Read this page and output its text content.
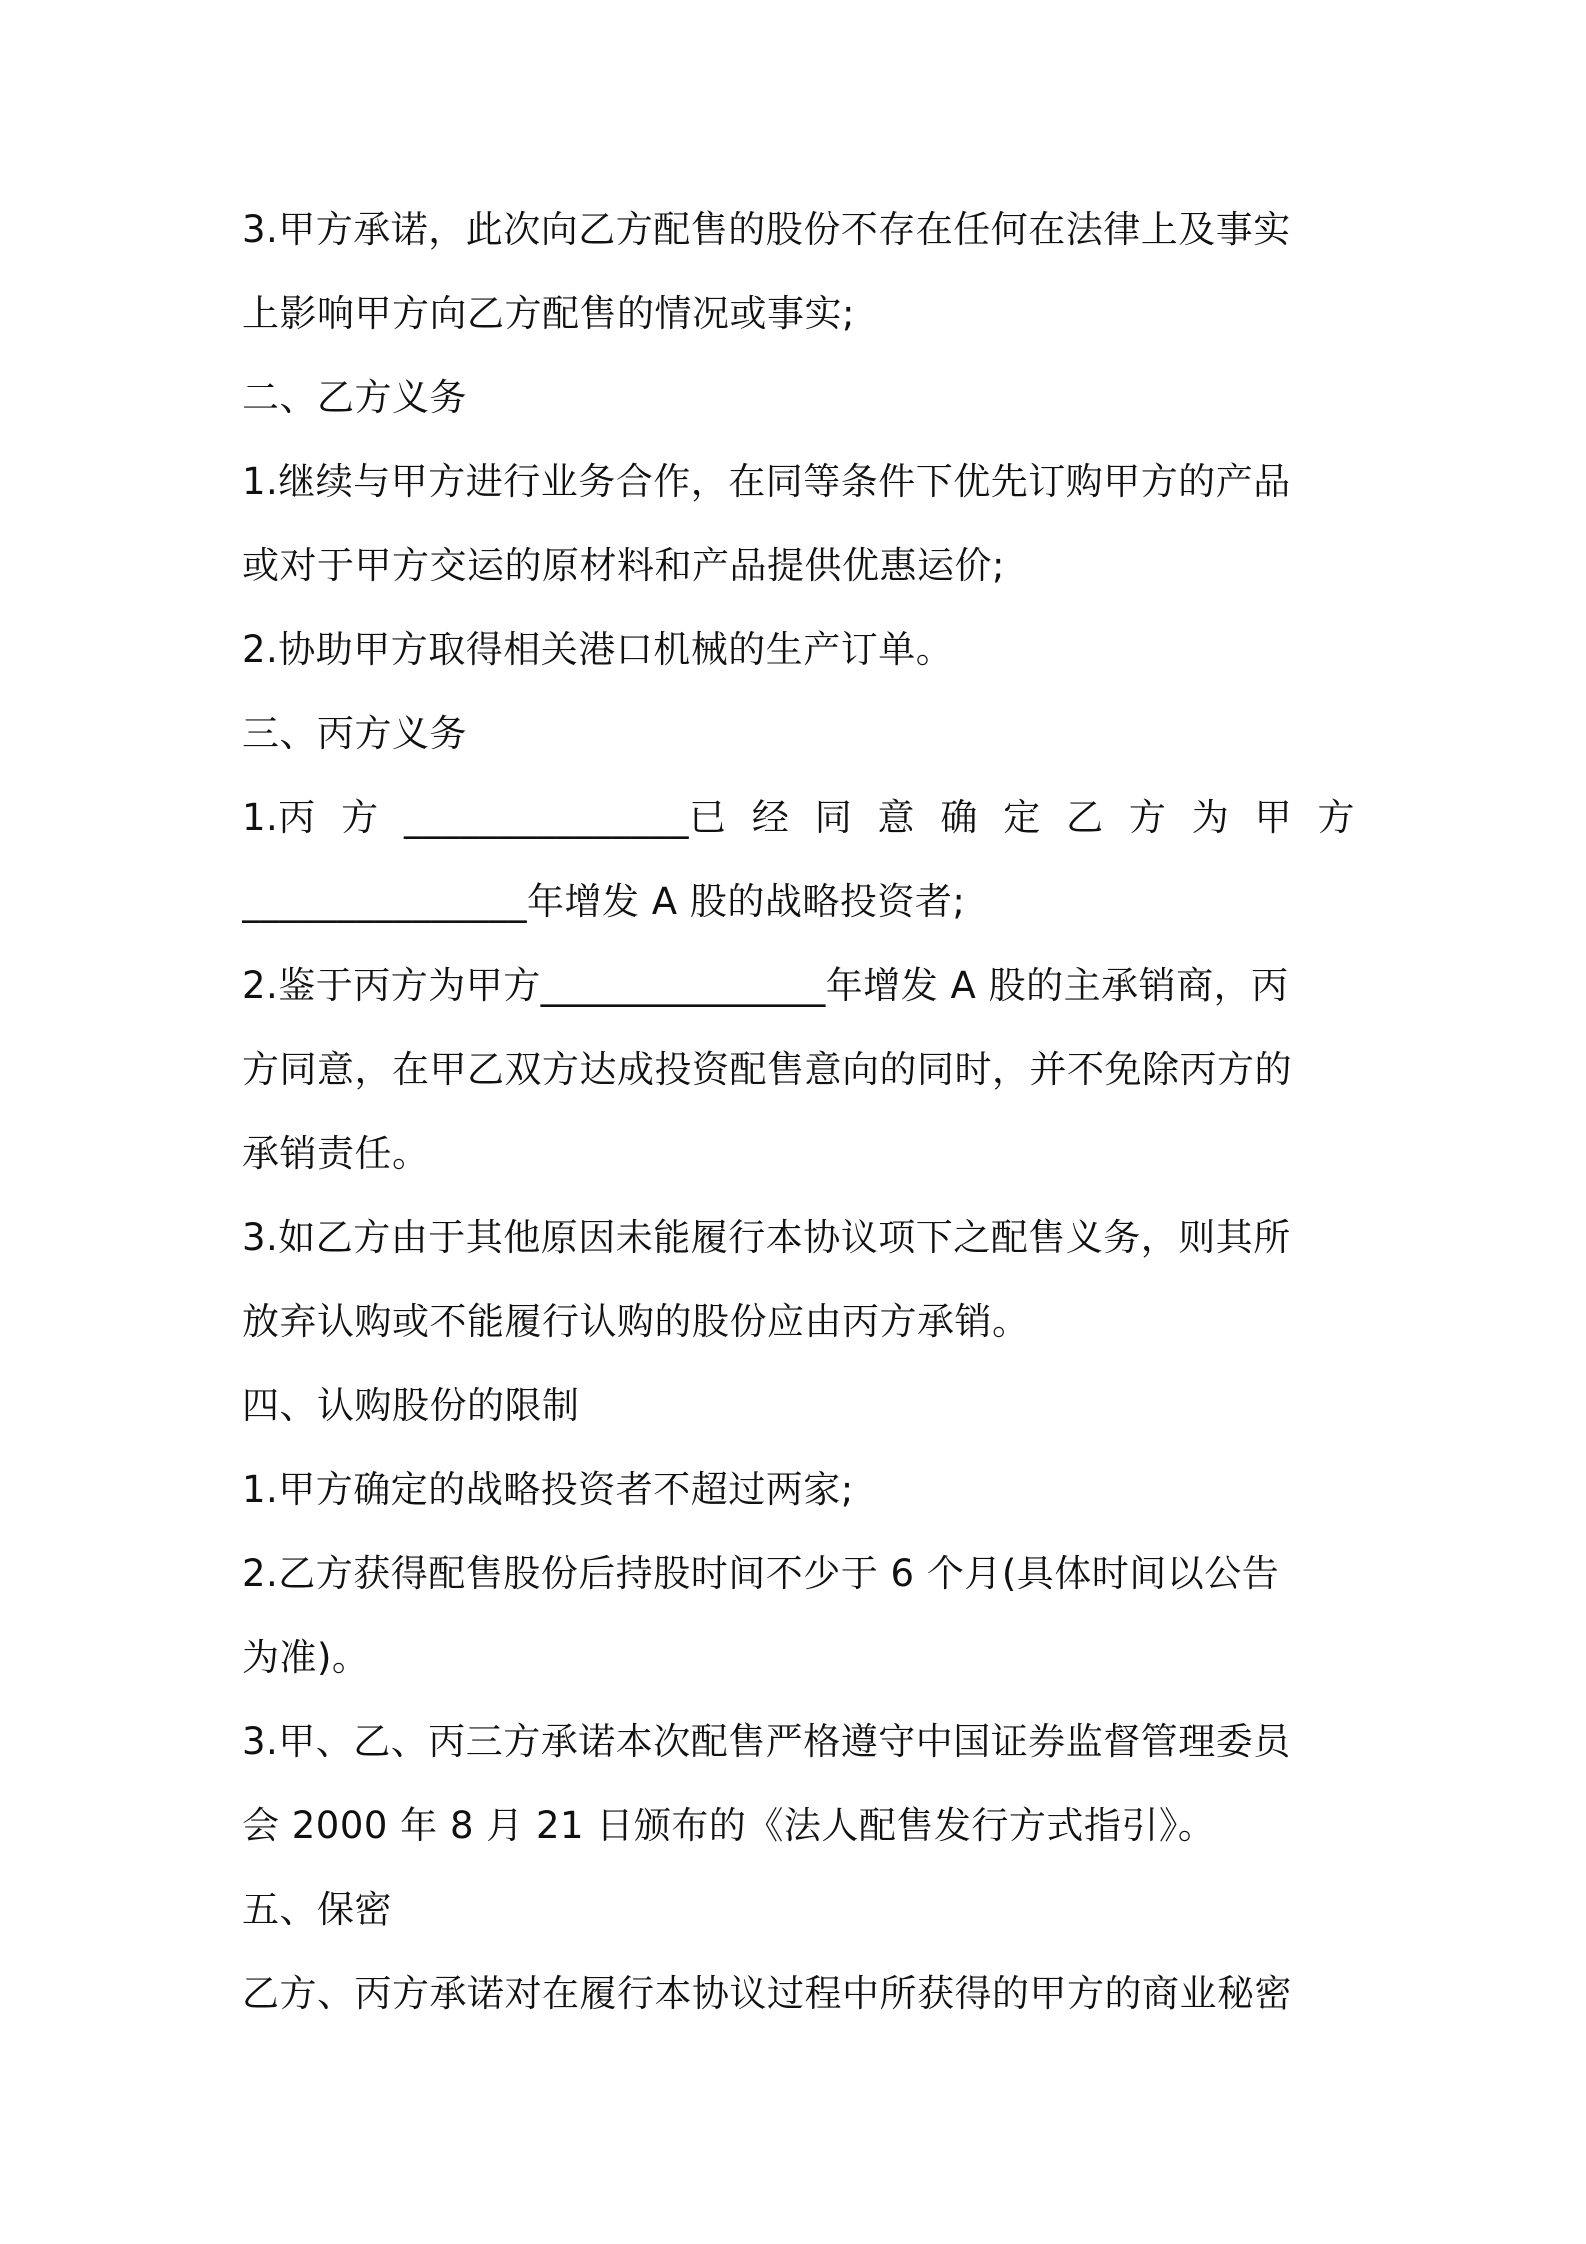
3.甲方承诺，此次向乙方配售的股份不存在任何在法律上及事实
上影响甲方向乙方配售的情况或事实;
二、乙方义务
1.继续与甲方进行业务合作，在同等条件下优先订购甲方的产品
或对于甲方交运的原材料和产品提供优惠运价;
2.协助甲方取得相关港口机械的生产订单。
三、丙方义务
1.丙 方 _______________已 经 同 意 确 定 乙 方 为 甲 方
_______________年增发 A 股的战略投资者;
2.鉴于丙方为甲方_______________年增发 A 股的主承销商，丙
方同意，在甲乙双方达成投资配售意向的同时，并不免除丙方的
承销责任。
3.如乙方由于其他原因未能履行本协议项下之配售义务，则其所
放弃认购或不能履行认购的股份应由丙方承销。
四、认购股份的限制
1.甲方确定的战略投资者不超过两家;
2.乙方获得配售股份后持股时间不少于 6 个月(具体时间以公告
为准)。
3.甲、乙、丙三方承诺本次配售严格遵守中国证券监督管理委员
会 2000 年 8 月 21 日颁布的《法人配售发行方式指引》。
五、保密
乙方、丙方承诺对在履行本协议过程中所获得的甲方的商业秘密
